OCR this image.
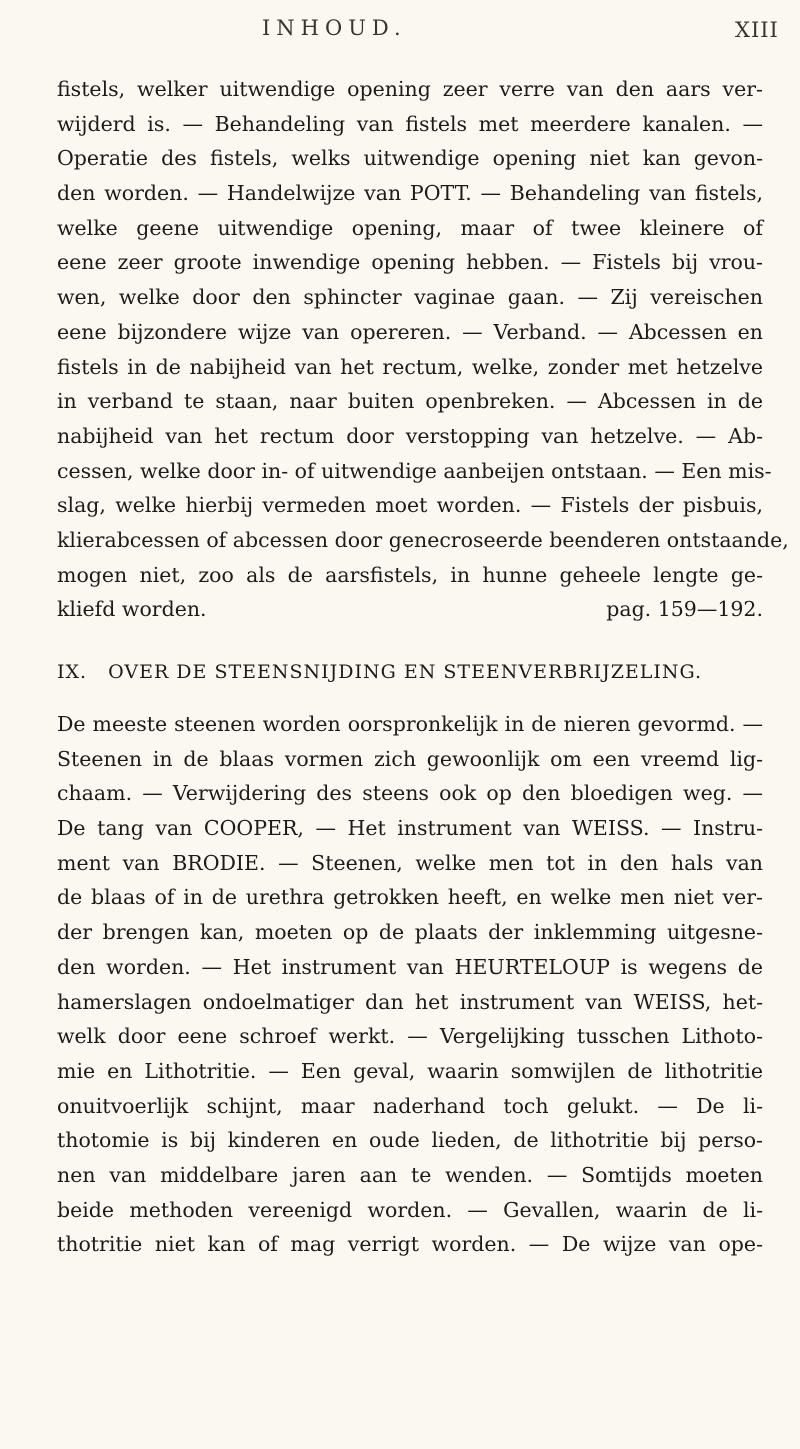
INHOUD.	XIII
fistels, welker uitwendige opening zeer verre van den aars ver-
wijderd is. — Behandeling van fistels met meerdere kanalen. —
Operatie des fistels, welks uitwendige opening niet kan gevon-
den worden. — Handelwijze van POTT. — Behandeling van fistels,
welke geene uitwendige opening, maar of twee kleinere of
eene zeer groote inwendige opening hebben. — Fistels bij vrou-
wen, welke door den sphincter vaginae gaan. — Zij vereischen
eene bijzondere wijze van opereren. — Verband. — Abcessen en
fistels in de nabijheid van het rectum, welke, zonder met hetzelve
in verband te staan, naar buiten openbreken. — Abcessen in de
nabijheid van het rectum door verstopping van hetzelve. — Ab-
cessen, welke door in- of uitwendige aanbeijen ontstaan. — Een mis-
slag, welke hierbij vermeden moet worden. — Fistels der pisbuis,
klierabcessen of abcessen door genecroseerde beenderen ontstaande,
mogen niet, zoo als de aarsfistels, in hunne geheele lengte ge-
kliefd worden.	pag. 159—192.
IX. OVER DE STEENSNIJDING EN STEENVERBRIJZELING.
De meeste steenen worden oorspronkelijk in de nieren gevormd. —
Steenen in de blaas vormen zich gewoonlijk om een vreemd lig-
chaam. — Verwijdering des steens ook op den bloedigen weg. —
De tang van COOPER, — Het instrument van WEISS. — Instru-
ment van BRODIE. — Steenen, welke men tot in den hals van
de blaas of in de urethra getrokken heeft, en welke men niet ver-
der brengen kan, moeten op de plaats der inklemming uitgesne-
den worden. — Het instrument van HEURTELOUP is wegens de
hamerslagen ondoelmatiger dan het instrument van WEISS, het-
welk door eene schroef werkt. — Vergelijking tusschen Lithoto-
mie en Lithotritie. — Een geval, waarin somwijlen de lithotritie
onuitvoerlijk schijnt, maar naderhand toch gelukt. — De li-
thotomie is bij kinderen en oude lieden, de lithotritie bij perso-
nen van middelbare jaren aan te wenden. — Somtijds moeten
beide methoden vereenigd worden. — Gevallen, waarin de li-
thotritie niet kan of mag verrigt worden. — De wijze van ope-
